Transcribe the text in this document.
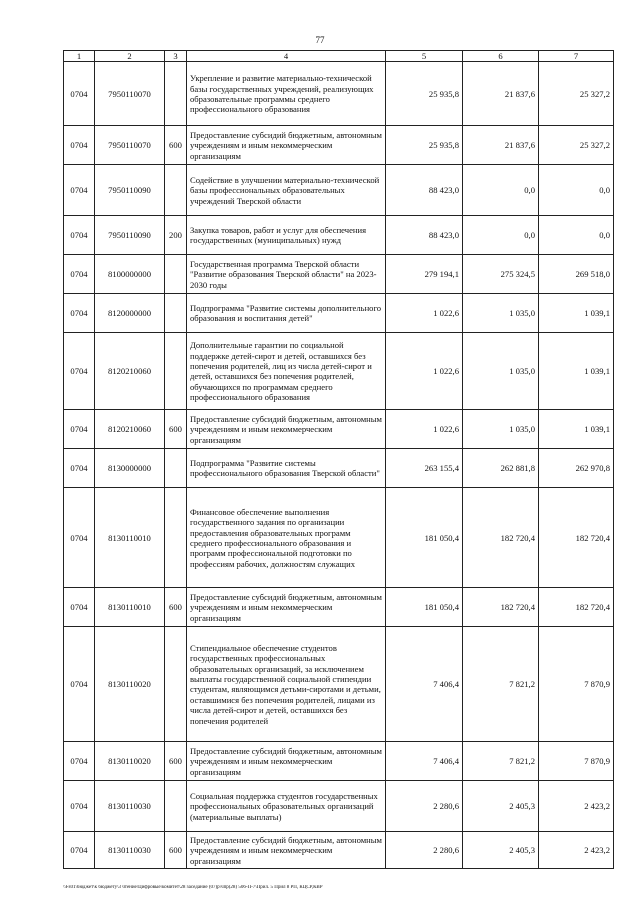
77
1	2	3	4	5	6	7
0704	7950110070		Укрепление и развитие материально-технической базы государственных учреждений, реализующих образовательные программы среднего профессионального образования	25 935,8	21 837,6	25 327,2
0704	7950110070	600	Предоставление субсидий бюджетным, автономным учреждениям и иным некоммерческим организациям	25 935,8	21 837,6	25 327,2
0704	7950110090		Содействие в улучшении материально-технической базы профессиональных образовательных учреждений Тверской области	88 423,0	0,0	0,0
0704	7950110090	200	Закупка товаров, работ и услуг для обеспечения государственных (муниципальных) нужд	88 423,0	0,0	0,0
0704	8100000000		Государственная программа Тверской области "Развитие образования Тверской области" на 2023-2030 годы	279 194,1	275 324,5	269 518,0
0704	8120000000		Подпрограмма "Развитие системы дополнительного образования и воспитания детей"	1 022,6	1 035,0	1 039,1
0704	8120210060		Дополнительные гарантии по социальной поддержке детей-сирот и детей, оставшихся без попечения родителей, лиц из числа детей-сирот и детей, оставшихся без попечения родителей, обучающихся по программам среднего профессионального образования	1 022,6	1 035,0	1 039,1
0704	8120210060	600	Предоставление субсидий бюджетным, автономным учреждениям и иным некоммерческим организациям	1 022,6	1 035,0	1 039,1
0704	8130000000		Подпрограмма "Развитие системы профессионального образования Тверской области"	263 155,4	262 881,8	262 970,8
0704	8130110010		Финансовое обеспечение выполнения государственного задания по организации предоставления образовательных программ среднего профессионального образования и программ профессиональной подготовки по профессиям рабочих, должностям служащих	181 050,4	182 720,4	182 720,4
0704	8130110010	600	Предоставление субсидий бюджетным, автономным учреждениям и иным некоммерческим организациям	181 050,4	182 720,4	182 720,4
0704	8130110020		Стипендиальное обеспечение студентов государственных профессиональных образовательных организаций, за исключением выплаты государственной социальной стипендии студентам, являющимся детьми-сиротами и детьми, оставшимися без попечения родителей, лицами из числа детей-сирот и детей, оставшихся без попечения родителей	7 406,4	7 821,2	7 870,9
0704	8130110020	600	Предоставление субсидий бюджетным, автономным учреждениям и иным некоммерческим организациям	7 406,4	7 821,2	7 870,9
0704	8130110030		Социальная поддержка студентов государственных профессиональных образовательных организаций (материальные выплаты)	2 280,6	2 405,3	2 423,2
0704	8130110030	600	Предоставление субсидий бюджетным, автономным учреждениям и иным некоммерческим организациям	2 280,6	2 405,3	2 423,2
\\Fs01\бюджет\к бюджету\3 чтение\Цифровые\комитет\28 заседание (07)р\чпр(28) 506-П-7\Прил. 5 Прил 8 РП, КЦСР,КВР
